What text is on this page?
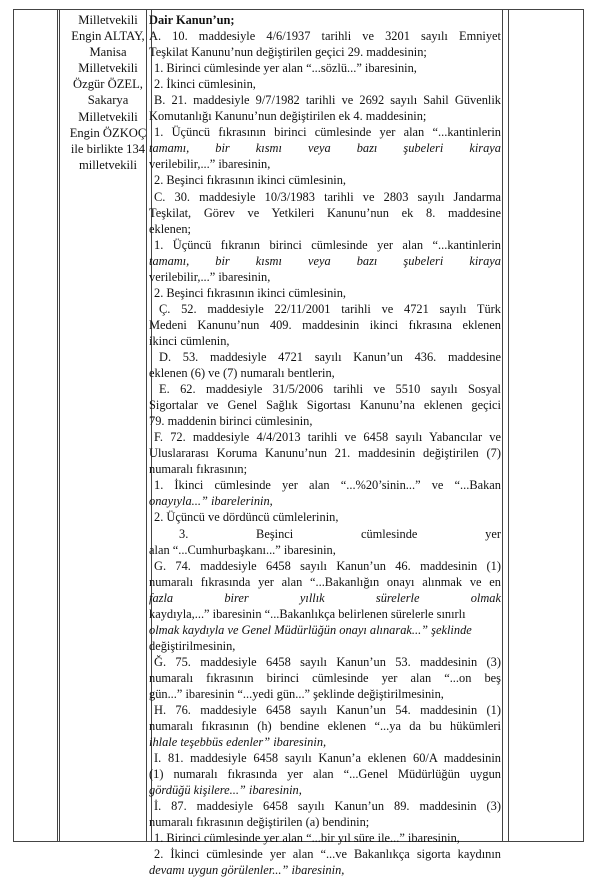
Milletvekili
Engin ALTAY,
Manisa
Milletvekili
Özgür ÖZEL,
Sakarya
Milletvekili
Engin ÖZKOÇ
ile birlikte 134
milletvekili
Dair Kanun’un;
A. 10. maddesiyle 4/6/1937 tarihli ve 3201 sayılı Emniyet
Teşkilat Kanunu’nun değiştirilen geçici 29. maddesinin;
1. Birinci cümlesinde yer alan “...sözlü...” ibaresinin,
2. İkinci cümlesinin,
B. 21. maddesiyle 9/7/1982 tarihli ve 2692 sayılı Sahil Güvenlik
Komutanlığı Kanunu’nun değiştirilen ek 4. maddesinin;
1. Üçüncü fıkrasının birinci cümlesinde yer alan “...kantinlerin
tamamı, bir kısmı veya bazı şubeleri kiraya
verilebilir,...” ibaresinin,
2. Beşinci fıkrasının ikinci cümlesinin,
C. 30. maddesiyle 10/3/1983 tarihli ve 2803 sayılı Jandarma
Teşkilat, Görev ve Yetkileri Kanunu’nun ek 8. maddesine
eklenen;
1. Üçüncü fıkranın birinci cümlesinde yer alan “...kantinlerin
tamamı, bir kısmı veya bazı şubeleri kiraya
verilebilir,...” ibaresinin,
2. Beşinci fıkrasının ikinci cümlesinin,
Ç. 52. maddesiyle 22/11/2001 tarihli ve 4721 sayılı Türk
Medeni Kanunu’nun 409. maddesinin ikinci fıkrasına eklenen
ikinci cümlenin,
D. 53. maddesiyle 4721 sayılı Kanun’un 436. maddesine
eklenen (6) ve (7) numaralı bentlerin,
E. 62. maddesiyle 31/5/2006 tarihli ve 5510 sayılı Sosyal
Sigortalar ve Genel Sağlık Sigortası Kanunu’na eklenen geçici
79. maddenin birinci cümlesinin,
F. 72. maddesiyle 4/4/2013 tarihli ve 6458 sayılı Yabancılar ve
Uluslararası Koruma Kanunu’nun 21. maddesinin değiştirilen (7)
numaralı fıkrasının;
1. İkinci cümlesinde yer alan “...%20’sinin...” ve “...Bakan
onayıyla...” ibarelerinin,
2. Üçüncü ve dördüncü cümlelerinin,
3. Beşinci cümlesinde yer
alan “...Cumhurbaşkanı...” ibaresinin,
G. 74. maddesiyle 6458 sayılı Kanun’un 46. maddesinin (1)
numaralı fıkrasında yer alan “...Bakanlığın onayı alınmak ve en
fazla birer yıllık sürelerle olmak
kaydıyla,...” ibaresinin “...Bakanlıkça belirlenen sürelerle sınırlı
olmak kaydıyla ve Genel Müdürlüğün onayı alınarak...” şeklinde
değiştirilmesinin,
Ğ. 75. maddesiyle 6458 sayılı Kanun’un 53. maddesinin (3)
numaralı fıkrasının birinci cümlesinde yer alan “...on beş
gün...” ibaresinin “...yedi gün...” şeklinde değiştirilmesinin,
H. 76. maddesiyle 6458 sayılı Kanun’un 54. maddesinin (1)
numaralı fıkrasının (h) bendine eklenen “...ya da bu hükümleri
ihlale teşebbüs edenler” ibaresinin,
I. 81. maddesiyle 6458 sayılı Kanun’a eklenen 60/A maddesinin
(1) numaralı fıkrasında yer alan “...Genel Müdürlüğün uygun
gördüğü kişilere...” ibaresinin,
İ. 87. maddesiyle 6458 sayılı Kanun’un 89. maddesinin (3)
numaralı fıkrasının değiştirilen (a) bendinin;
1. Birinci cümlesinde yer alan “...bir yıl süre ile...” ibaresinin,
2. İkinci cümlesinde yer alan “...ve Bakanlıkça sigorta kaydının
devamı uygun görülenler...” ibaresinin,
